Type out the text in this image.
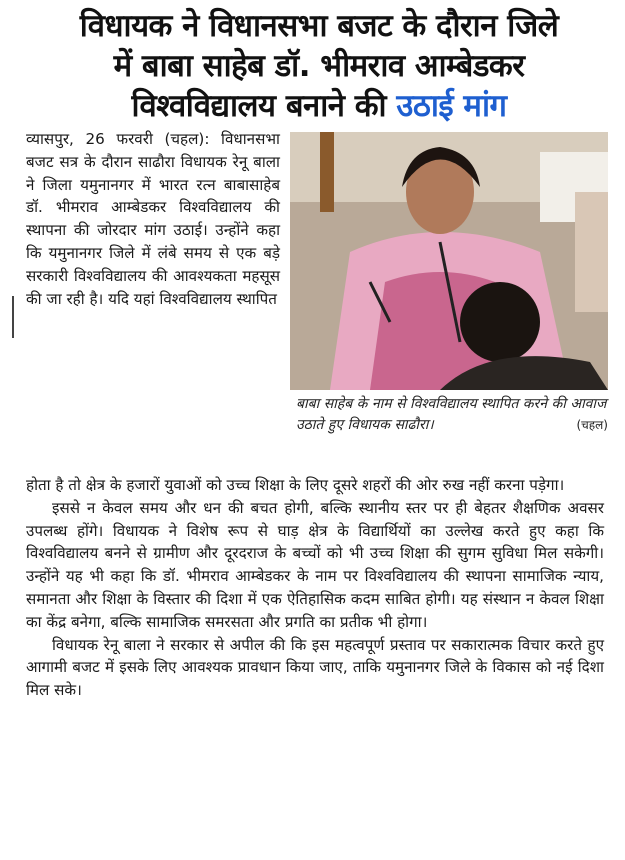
विधायक ने विधानसभा बजट के दौरान जिले
में बाबा साहेब डॉ. भीमराव आम्बेडकर
विश्वविद्यालय बनाने की उठाई मांग
व्यासपुर, 26 फरवरी (चहल): विधानसभा बजट सत्र के दौरान साढौरा विधायक रेनू बाला ने जिला यमुनानगर में भारत रत्न बाबासाहेब डॉ. भीमराव आम्बेडकर विश्वविद्यालय की स्थापना की जोरदार मांग उठाई। उन्होंने कहा कि यमुनानगर जिले में लंबे समय से एक बड़े सरकारी विश्वविद्यालय की आवश्यकता महसूस की जा रही है। यदि यहां विश्वविद्यालय स्थापित
बाबा साहेब के नाम से विश्वविद्यालय स्थापित करने की आवाज उठाते हुए विधायक साढौरा।	(चहल)

होता है तो क्षेत्र के हजारों युवाओं को उच्च शिक्षा के लिए दूसरे शहरों की ओर रुख नहीं करना पड़ेगा।

इससे न केवल समय और धन की बचत होगी, बल्कि स्थानीय स्तर पर ही बेहतर शैक्षणिक अवसर उपलब्ध होंगे। विधायक ने विशेष रूप से घाड़ क्षेत्र के विद्यार्थियों का उल्लेख करते हुए कहा कि विश्वविद्यालय बनने से ग्रामीण और दूरदराज के बच्चों को भी उच्च शिक्षा की सुगम सुविधा मिल सकेगी। उन्होंने यह भी कहा कि डॉ. भीमराव आम्बेडकर के नाम पर विश्वविद्यालय की स्थापना सामाजिक न्याय, समानता और शिक्षा के विस्तार की दिशा में एक ऐतिहासिक कदम साबित होगी। यह संस्थान न केवल शिक्षा का केंद्र बनेगा, बल्कि सामाजिक समरसता और प्रगति का प्रतीक भी होगा।

विधायक रेनू बाला ने सरकार से अपील की कि इस महत्वपूर्ण प्रस्ताव पर सकारात्मक विचार करते हुए आगामी बजट में इसके लिए आवश्यक प्रावधान किया जाए, ताकि यमुनानगर जिले के विकास को नई दिशा मिल सके।
